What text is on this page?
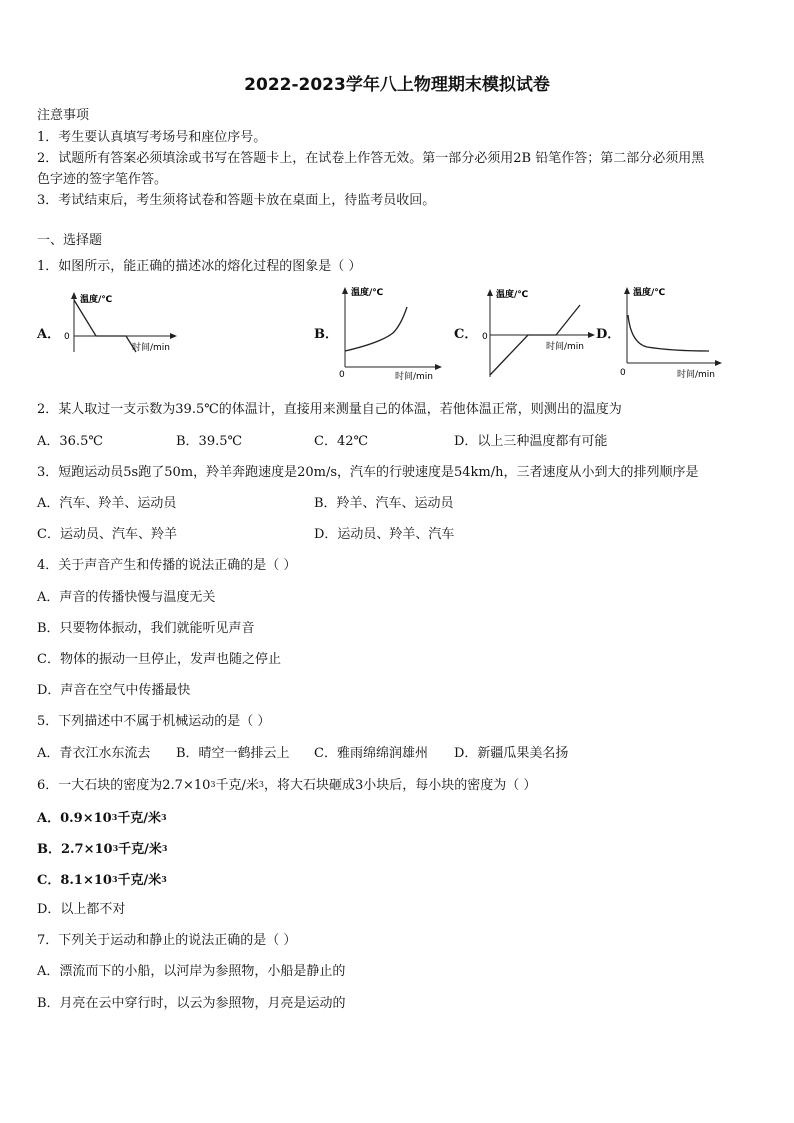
2022-2023学年八上物理期末模拟试卷
注意事项
1．考生要认真填写考场号和座位序号。
2．试题所有答案必须填涂或书写在答题卡上，在试卷上作答无效。第一部分必须用2B 铅笔作答；第二部分必须用黑
色字迹的签字笔作答。
3．考试结束后，考生须将试卷和答题卡放在桌面上，待监考员收回。
一、选择题
1．如图所示，能正确的描述冰的熔化过程的图象是（ ）
A．
温度/℃
0
时间/min
B．
温度/℃
0	时间/min
C．
温度/℃
0
时间/min
D．
温度/℃
0	时间/min
2．某人取过一支示数为39.5℃的体温计，直接用来测量自己的体温，若他体温正常，则测出的温度为
A．36.5℃	B．39.5℃	C．42℃	D．以上三种温度都有可能
3．短跑运动员5s跑了50m，羚羊奔跑速度是20m/s，汽车的行驶速度是54km/h，三者速度从小到大的排列顺序是
A．汽车、羚羊、运动员	B．羚羊、汽车、运动员
C．运动员、汽车、羚羊	D．运动员、羚羊、汽车
4．关于声音产生和传播的说法正确的是（ ）
A．声音的传播快慢与温度无关
B．只要物体振动，我们就能听见声音
C．物体的振动一旦停止，发声也随之停止
D．声音在空气中传播最快
5．下列描述中不属于机械运动的是（ ）
A．青衣江水东流去 B．晴空一鹤排云上 C．雅雨绵绵润雄州 D．新疆瓜果美名扬
6．一大石块的密度为$2.7\times 10^3$千克/米$^3$，将大石块砸成3小块后，每小块的密度为（ ）
A．$0.9\times 10^3$千克/米$^3$
B．$2.7\times 10^3$千克/米$^3$
C．$8.1\times 10^3$千克/米$^3$
D．以上都不对
7．下列关于运动和静止的说法正确的是（ ）
A．漂流而下的小船，以河岸为参照物，小船是静止的
B．月亮在云中穿行时，以云为参照物，月亮是运动的
